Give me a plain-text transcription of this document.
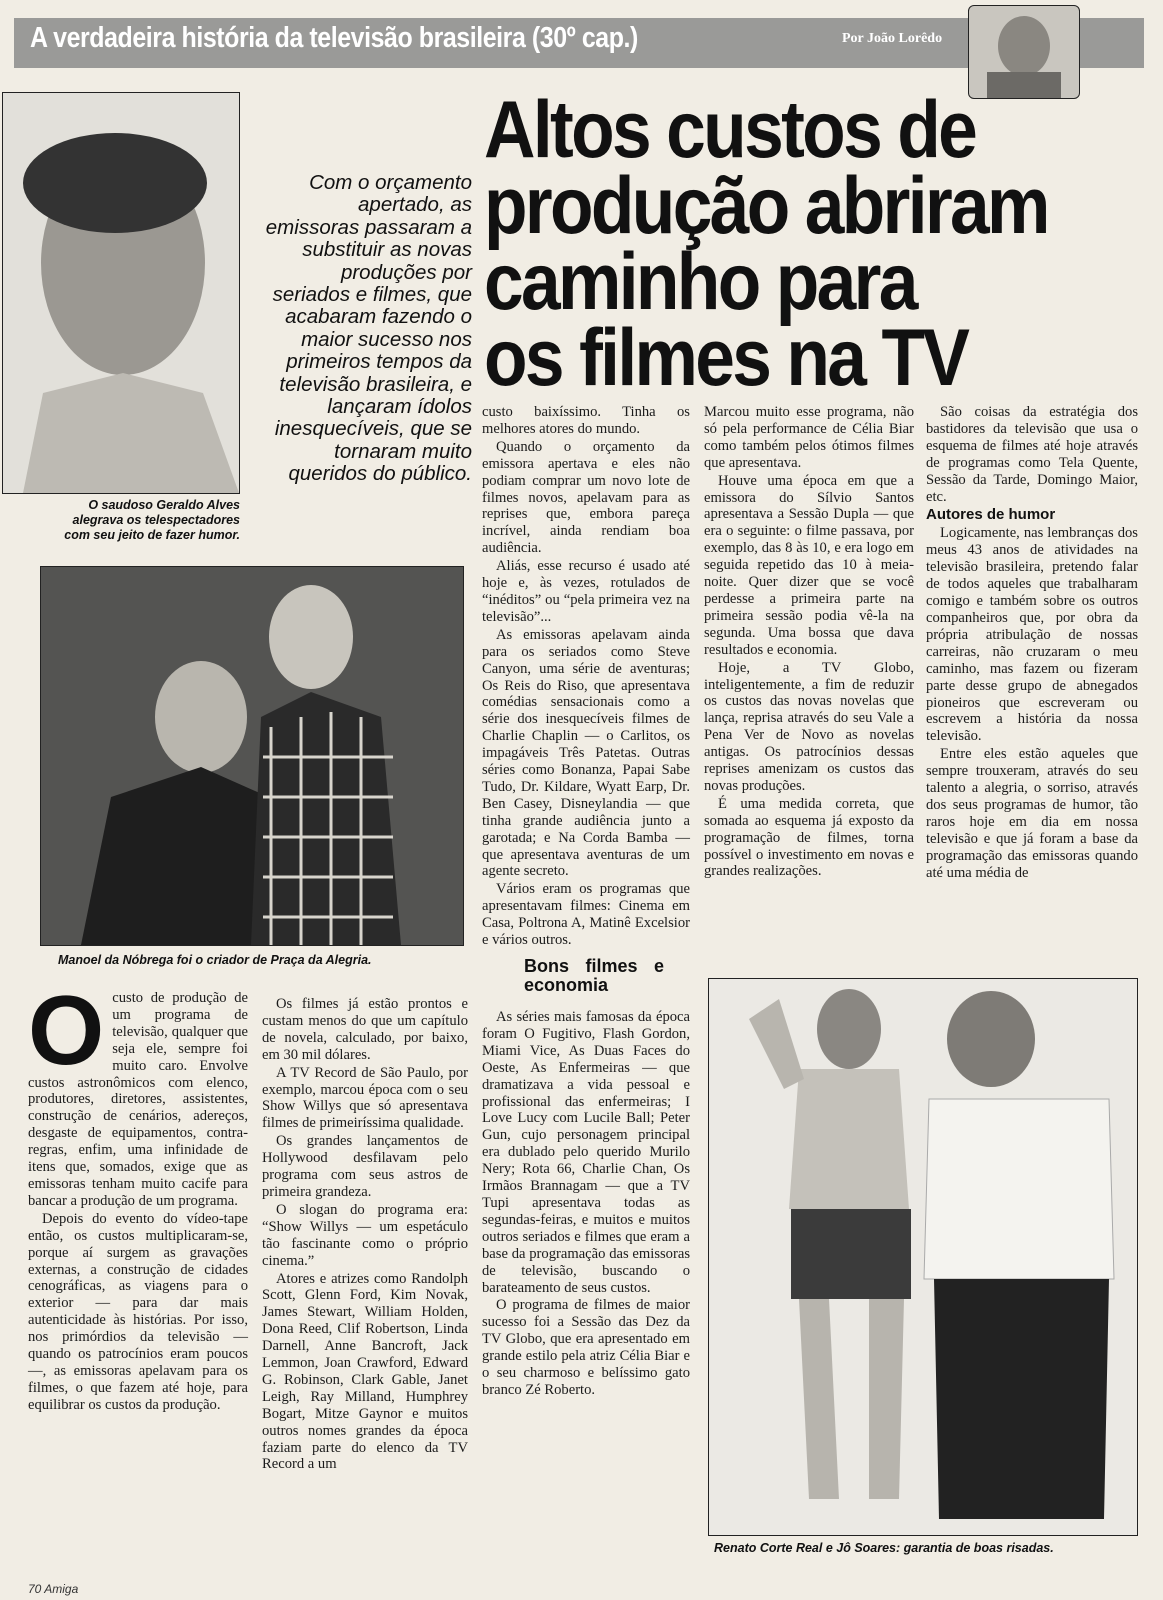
A verdadeira história da televisão brasileira (30º cap.)	Por João Lorêdo
O saudoso Geraldo Alves alegrava os telespectadores com seu jeito de fazer humor.
Altos custos de
produção abriram
caminho para
os filmes na TV
Com o orçamento apertado, as emissoras passaram a substituir as novas produções por seriados e filmes, que acabaram fazendo o maior sucesso nos primeiros tempos da televisão brasileira, e lançaram ídolos inesquecíveis, que se tornaram muito queridos do público.
Manoel da Nóbrega foi o criador de Praça da Alegria.
O custo de produção de um programa de televisão, qualquer que seja ele, sempre foi muito caro. Envolve custos astronômicos com elenco, produtores, diretores, assistentes, construção de cenários, adereços, desgaste de equipamentos, contra-regras, enfim, uma infinidade de itens que, somados, exige que as emissoras tenham muito cacife para bancar a produção de um programa.

Depois do evento do vídeo-tape então, os custos multiplicaram-se, porque aí surgem as gravações externas, a construção de cidades cenográficas, as viagens para o exterior — para dar mais autenticidade às histórias. Por isso, nos primórdios da televisão — quando os patrocínios eram poucos —, as emissoras apelavam para os filmes, o que fazem até hoje, para equilibrar os custos da produção.

Os filmes já estão prontos e custam menos do que um capítulo de novela, calculado, por baixo, em 30 mil dólares.

A TV Record de São Paulo, por exemplo, marcou época com o seu Show Willys que só apresentava filmes de primeiríssima qualidade.

Os grandes lançamentos de Hollywood desfilavam pelo programa com seus astros de primeira grandeza.

O slogan do programa era: “Show Willys — um espetáculo tão fascinante como o próprio cinema.”

Atores e atrizes como Randolph Scott, Glenn Ford, Kim Novak, James Stewart, William Holden, Dona Reed, Clif Robertson, Linda Darnell, Anne Bancroft, Jack Lemmon, Joan Crawford, Edward G. Robinson, Clark Gable, Janet Leigh, Ray Milland, Humphrey Bogart, Mitze Gaynor e muitos outros nomes grandes da época faziam parte do elenco da TV Record a um

custo baixíssimo. Tinha os melhores atores do mundo.

Quando o orçamento da emissora apertava e eles não podiam comprar um novo lote de filmes novos, apelavam para as reprises que, embora pareça incrível, ainda rendiam boa audiência.

Aliás, esse recurso é usado até hoje e, às vezes, rotulados de “inéditos” ou “pela primeira vez na televisão”...

As emissoras apelavam ainda para os seriados como Steve Canyon, uma série de aventuras; Os Reis do Riso, que apresentava comédias sensacionais como a série dos inesquecíveis filmes de Charlie Chaplin — o Carlitos, os impagáveis Três Patetas. Outras séries como Bonanza, Papai Sabe Tudo, Dr. Kildare, Wyatt Earp, Dr. Ben Casey, Disneylandia — que tinha grande audiência junto a garotada; e Na Corda Bamba — que apresentava aventuras de um agente secreto.

Vários eram os programas que apresentavam filmes: Cinema em Casa, Poltrona A, Matinê Excelsior e vários outros.

Bons filmes e economia

As séries mais famosas da época foram O Fugitivo, Flash Gordon, Miami Vice, As Duas Faces do Oeste, As Enfermeiras — que dramatizava a vida pessoal e profissional das enfermeiras; I Love Lucy com Lucile Ball; Peter Gun, cujo personagem principal era dublado pelo querido Murilo Nery; Rota 66, Charlie Chan, Os Irmãos Brannagam — que a TV Tupi apresentava todas as segundas-feiras, e muitos e muitos outros seriados e filmes que eram a base da programação das emissoras de televisão, buscando o barateamento de seus custos.

O programa de filmes de maior sucesso foi a Sessão das Dez da TV Globo, que era apresentado em grande estilo pela atriz Célia Biar e o seu charmoso e belíssimo gato branco Zé Roberto.

Marcou muito esse programa, não só pela performance de Célia Biar como também pelos ótimos filmes que apresentava.

Houve uma época em que a emissora do Sílvio Santos apresentava a Sessão Dupla — que era o seguinte: o filme passava, por exemplo, das 8 às 10, e era logo em seguida repetido das 10 à meia-noite. Quer dizer que se você perdesse a primeira parte na primeira sessão podia vê-la na segunda. Uma bossa que dava resultados e economia.

Hoje, a TV Globo, inteligentemente, a fim de reduzir os custos das novas novelas que lança, reprisa através do seu Vale a Pena Ver de Novo as novelas antigas. Os patrocínios dessas reprises amenizam os custos das novas produções.

É uma medida correta, que somada ao esquema já exposto da programação de filmes, torna possível o investimento em novas e grandes realizações.

São coisas da estratégia dos bastidores da televisão que usa o esquema de filmes até hoje através de programas como Tela Quente, Sessão da Tarde, Domingo Maior, etc.

Autores de humor

Logicamente, nas lembranças dos meus 43 anos de atividades na televisão brasileira, pretendo falar de todos aqueles que trabalharam comigo e também sobre os outros companheiros que, por obra da própria atribulação de nossas carreiras, não cruzaram o meu caminho, mas fazem ou fizeram parte desse grupo de abnegados pioneiros que escreveram ou escrevem a história da nossa televisão.

Entre eles estão aqueles que sempre trouxeram, através do seu talento a alegria, o sorriso, através dos seus programas de humor, tão raros hoje em dia em nossa televisão e que já foram a base da programação das emissoras quando até uma média de

Renato Corte Real e Jô Soares: garantia de boas risadas.
70 Amiga
